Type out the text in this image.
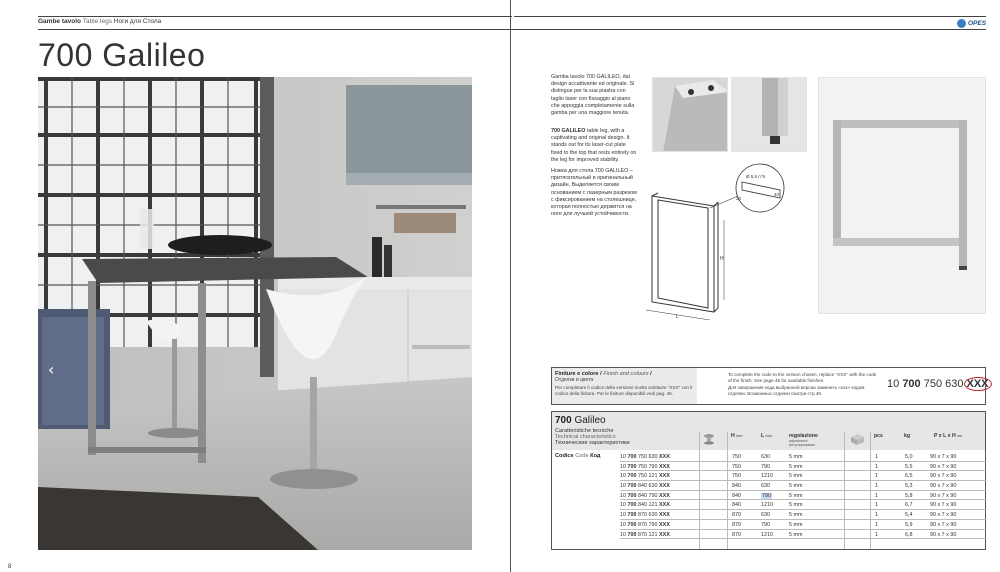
Gambe tavolo Table legs Ноги для Стола	OPES
700 Galileo
‹
Gamba tavolo 700 GALILEO, dal design accattivante ed originale. Si distingue per la sua piastra con taglio laser con fissaggio al piano che appoggia completamente sulla gamba per una maggiore tenuta.
700 GALILEO table leg, with a captivating and original design. It stands out for its laser-cut plate fixed to the top that rests entirely on the leg for improved stability.
Ножка для стола 700 GALILEO – притягательный и оригинальный дизайн, Выделяется своим основанием с лазерным разрезом с фиксированием на столешнице, которая полностью держится на ноге для лучшей устойчивости.
Ø 5,5 n°6
20
40
H
L
Finiture e colore / Finish and colours /
Отделки и цвета
Per completare il codice della versione scelta sostituire "XXX" con il codice della finitura. Per le finiture disponibili vedi pag. 46.
To complete the code to the version chosen, replace "XXX" with the code of the finish. See page 46 for available finishes.
Для завершения кода выбранной версии заменить «ххх» кодом отделки. Возможных отделки смотри стр.46.
10 700 750 630 XXX
700 Galileo
Caratteristiche tecniche
Technical characteristics
Технические характеристики
H mm	L mm	regolazione
adjustment
регулирование
pcs	kg	P x L x H cm
Codice Code Код	10 700 750 630 XXX	750	630	5 mm	1	5,0	90 x 7 x 90
10 700 750 790 XXX	750	790	5 mm	1	5,5	90 x 7 x 90
10 700 750 121 XXX	750	1210	5 mm	1	6,5	90 x 7 x 90
10 700 840 630 XXX	840	630	5 mm	1	5,3	90 x 7 x 90
10 700 840 790 XXX	840	790	5 mm	1	5,8	90 x 7 x 90
10 700 840 121 XXX	840	1210	5 mm	1	6,7	90 x 7 x 90
10 700 870 630 XXX	870	630	5 mm	1	5,4	90 x 7 x 90
10 700 870 790 XXX	870	790	5 mm	1	5,9	90 x 7 x 90
10 700 870 121 XXX	870	1210	5 mm	1	6,8	90 x 7 x 90
8
